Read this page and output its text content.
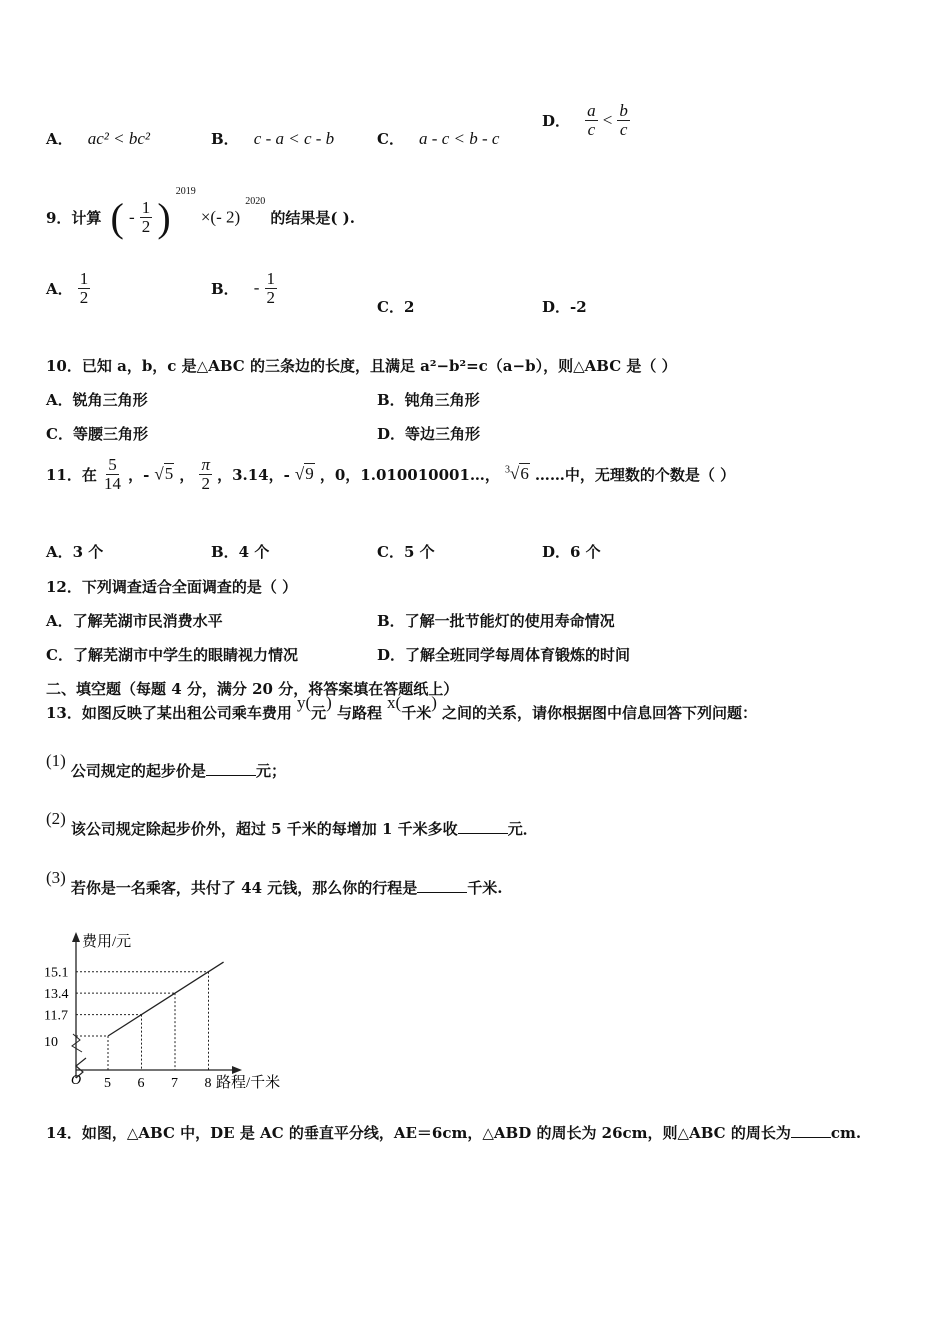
A． ac² < bc²	B． c - a < c - b	C． a - c < b - c
D． $\frac{a}{c} < \frac{b}{c}$
9．计算 ( - $\frac{1}{2}$ ) $^{2019}$ ×(- 2) $^{2020}$ 的结果是( ).
A． $\frac{1}{2}$	B． - $\frac{1}{2}$
C．2	D．-2
10．已知 a，b，c 是△ABC 的三条边的长度，且满足 a²−b²=c（a−b），则△ABC 是（ ）
A．锐角三角形	B．钝角三角形
C．等腰三角形	D．等边三角形
11．在 $\frac{5}{14}$ ，- √5 ， $\frac{\pi}{2}$ ，3.14，- √9 ，0，1.010010001…， $^3$√6 ……中，无理数的个数是（ ）
A．3 个	B．4 个	C．5 个	D．6 个
12．下列调查适合全面调查的是（ ）
A．了解芜湖市民消费水平	B．了解一批节能灯的使用寿命情况
C．了解芜湖市中学生的眼睛视力情况	D．了解全班同学每周体育锻炼的时间
二、填空题（每题 4 分，满分 20 分，将答案填在答题纸上）
13．如图反映了某出租公司乘车费用 y(元) 与路程 x(千米) 之间的关系，请你根据图中信息回答下列问题：
(1) 公司规定的起步价是	元；
(2) 该公司规定除起步价外，超过 5 千米的每增加 1 千米多收	元．
(3) 若你是一名乘客，共付了 44 元钱，那么你的行程是	千米.
费用/元
路程/千米
O
10
11.7
13.4
15.1
5 6 7 8
14．如图，△ABC 中，DE 是 AC 的垂直平分线，AE＝6cm，△ABD 的周长为 26cm，则△ABC 的周长为	cm.
